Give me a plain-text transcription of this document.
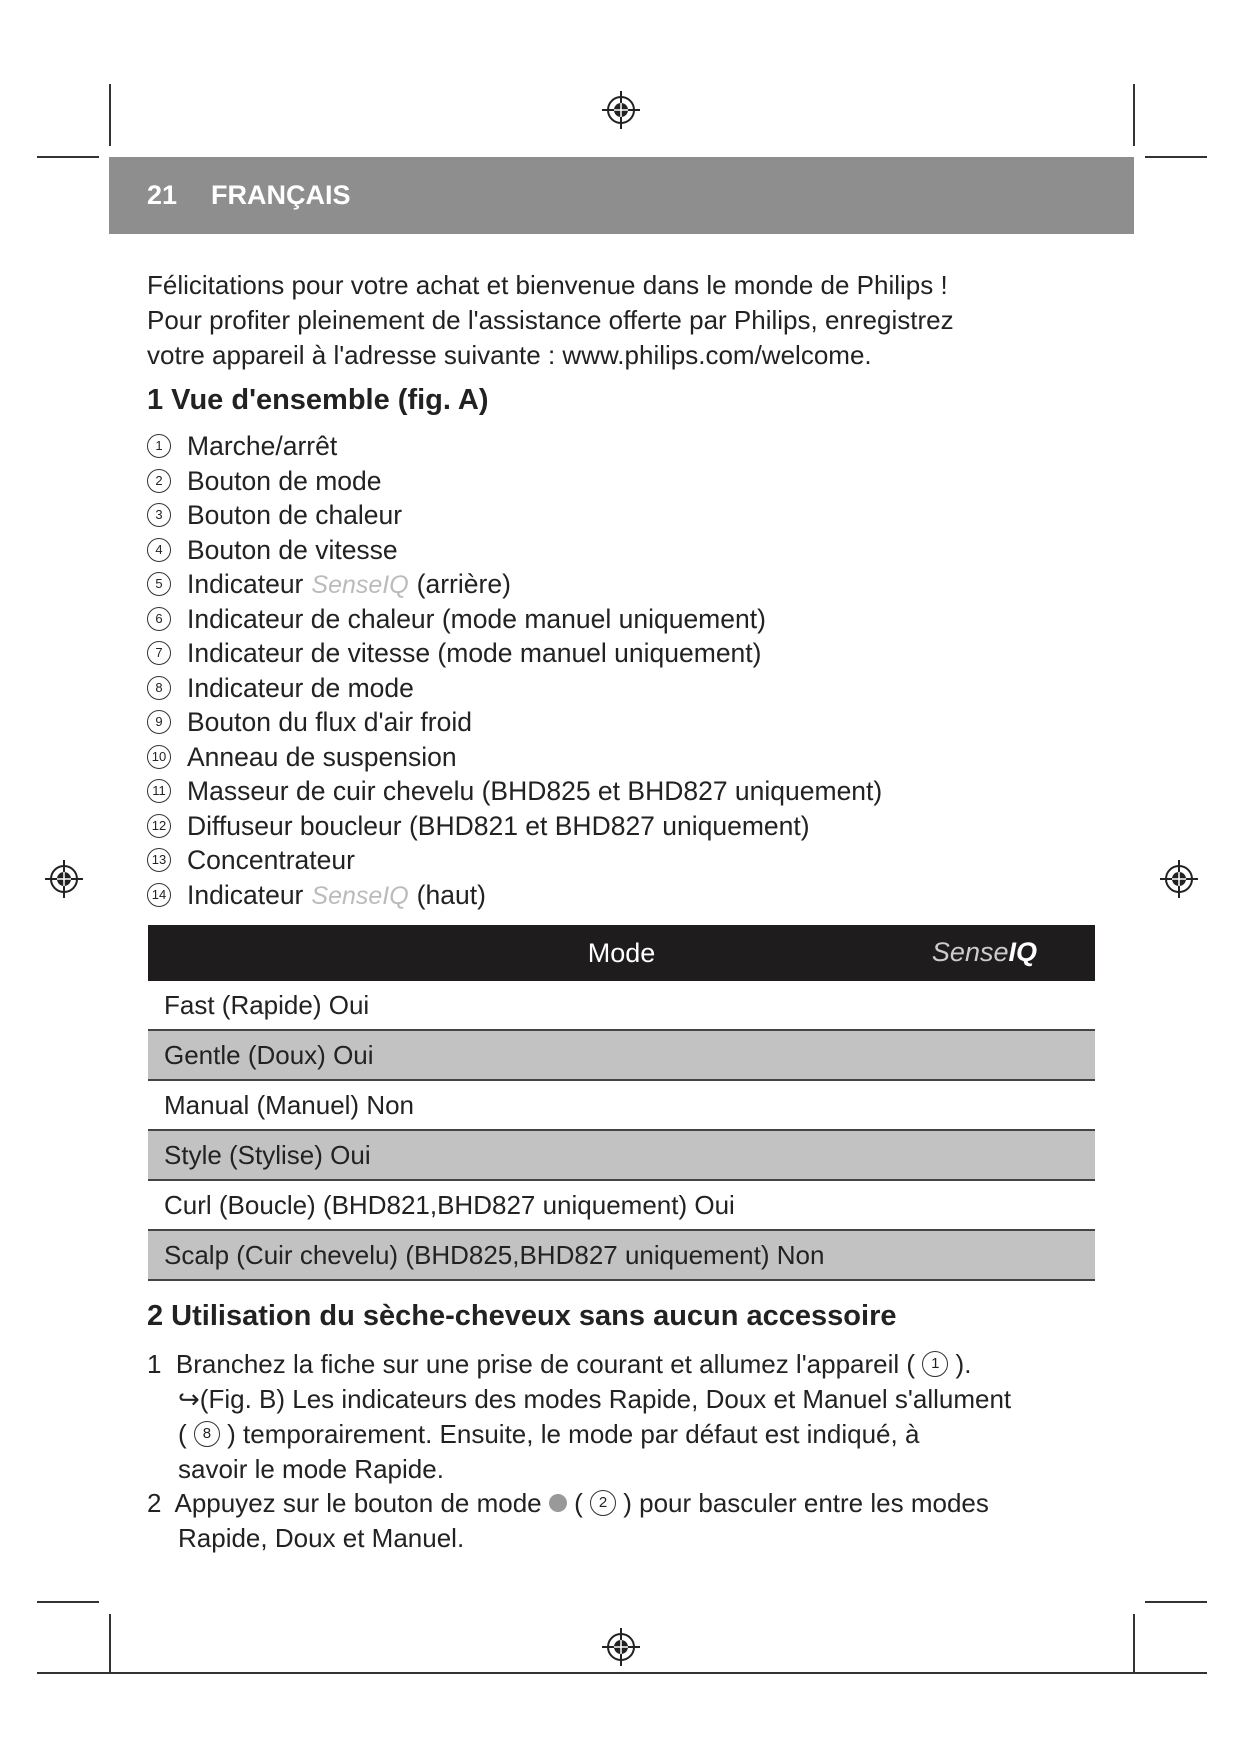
21 FRANÇAIS
Félicitations pour votre achat et bienvenue dans le monde de Philips !
Pour profiter pleinement de l'assistance offerte par Philips, enregistrez
votre appareil à l'adresse suivante : www.philips.com/welcome.
1 Vue d'ensemble (fig. A)
1 Marche/arrêt
2 Bouton de mode
3 Bouton de chaleur
4 Bouton de vitesse
5 Indicateur SenseIQ (arrière)
6 Indicateur de chaleur (mode manuel uniquement)
7 Indicateur de vitesse (mode manuel uniquement)
8 Indicateur de mode
9 Bouton du flux d'air froid
10 Anneau de suspension
11 Masseur de cuir chevelu (BHD825 et BHD827 uniquement)
12 Diffuseur boucleur (BHD821 et BHD827 uniquement)
13 Concentrateur
14 Indicateur SenseIQ (haut)
Mode	SenseIQ

Fast (Rapide) Oui
Gentle (Doux) Oui
Manual (Manuel) Non
Style (Stylise) Oui
Curl (Boucle) (BHD821,BHD827 uniquement) Oui
Scalp (Cuir chevelu) (BHD825,BHD827 uniquement) Non
2 Utilisation du sèche-cheveux sans aucun accessoire
1 Branchez la fiche sur une prise de courant et allumez l'appareil ( 1 ).
↪(Fig. B) Les indicateurs des modes Rapide, Doux et Manuel s'allument
( 8 ) temporairement. Ensuite, le mode par défaut est indiqué, à
savoir le mode Rapide.
2 Appuyez sur le bouton de mode ( 2 ) pour basculer entre les modes
Rapide, Doux et Manuel.
